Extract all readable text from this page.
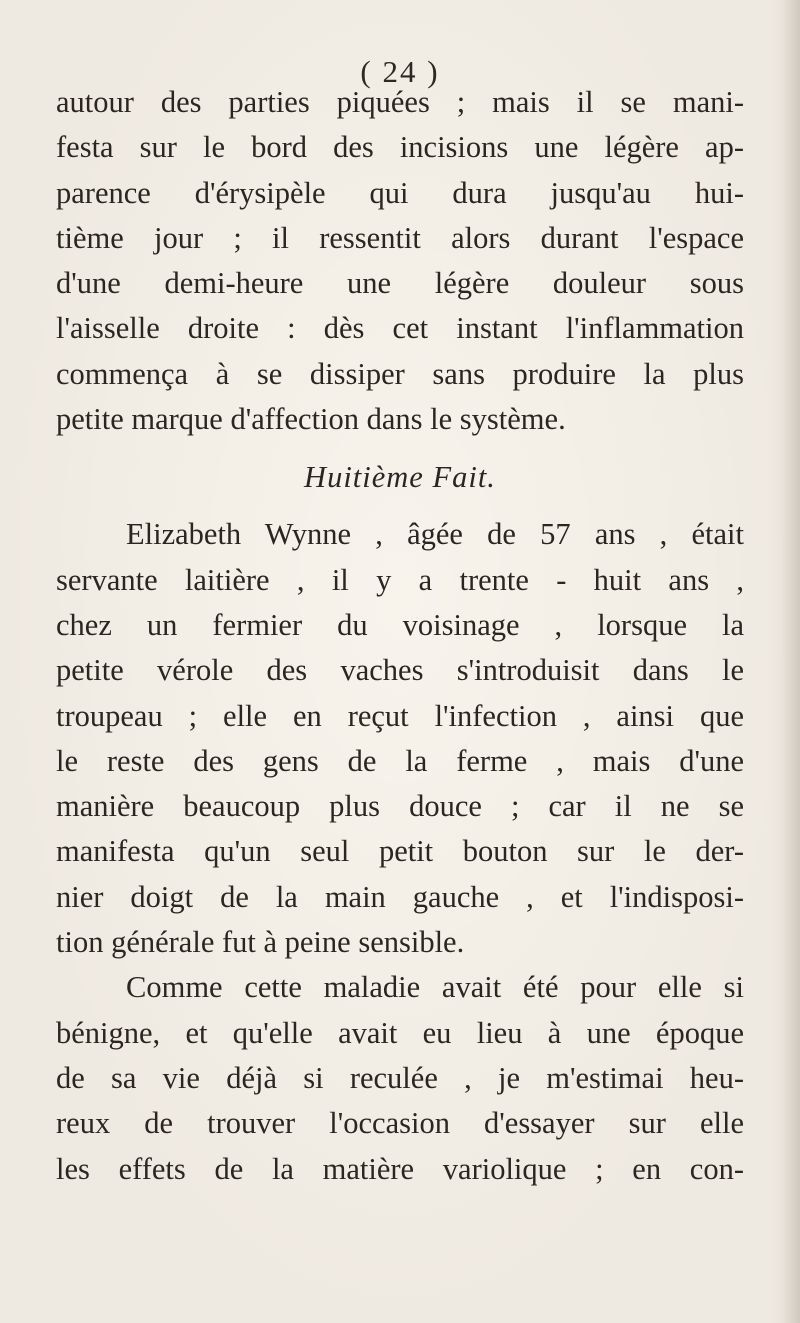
( 24 )
autour des parties piquées ; mais il se mani-
festa sur le bord des incisions une légère ap-
parence d'érysipèle qui dura jusqu'au hui-
tième jour ; il ressentit alors durant l'espace
d'une demi-heure une légère douleur sous
l'aisselle droite : dès cet instant l'inflammation
commença à se dissiper sans produire la plus
petite marque d'affection dans le système.
Huitième Fait.
Elizabeth Wynne , âgée de 57 ans , était
servante laitière , il y a trente - huit ans ,
chez un fermier du voisinage , lorsque la
petite vérole des vaches s'introduisit dans le
troupeau ; elle en reçut l'infection , ainsi que
le reste des gens de la ferme , mais d'une
manière beaucoup plus douce ; car il ne se
manifesta qu'un seul petit bouton sur le der-
nier doigt de la main gauche , et l'indisposi-
tion générale fut à peine sensible.
Comme cette maladie avait été pour elle si
bénigne, et qu'elle avait eu lieu à une époque
de sa vie déjà si reculée , je m'estimai heu-
reux de trouver l'occasion d'essayer sur elle
les effets de la matière variolique ; en con-
